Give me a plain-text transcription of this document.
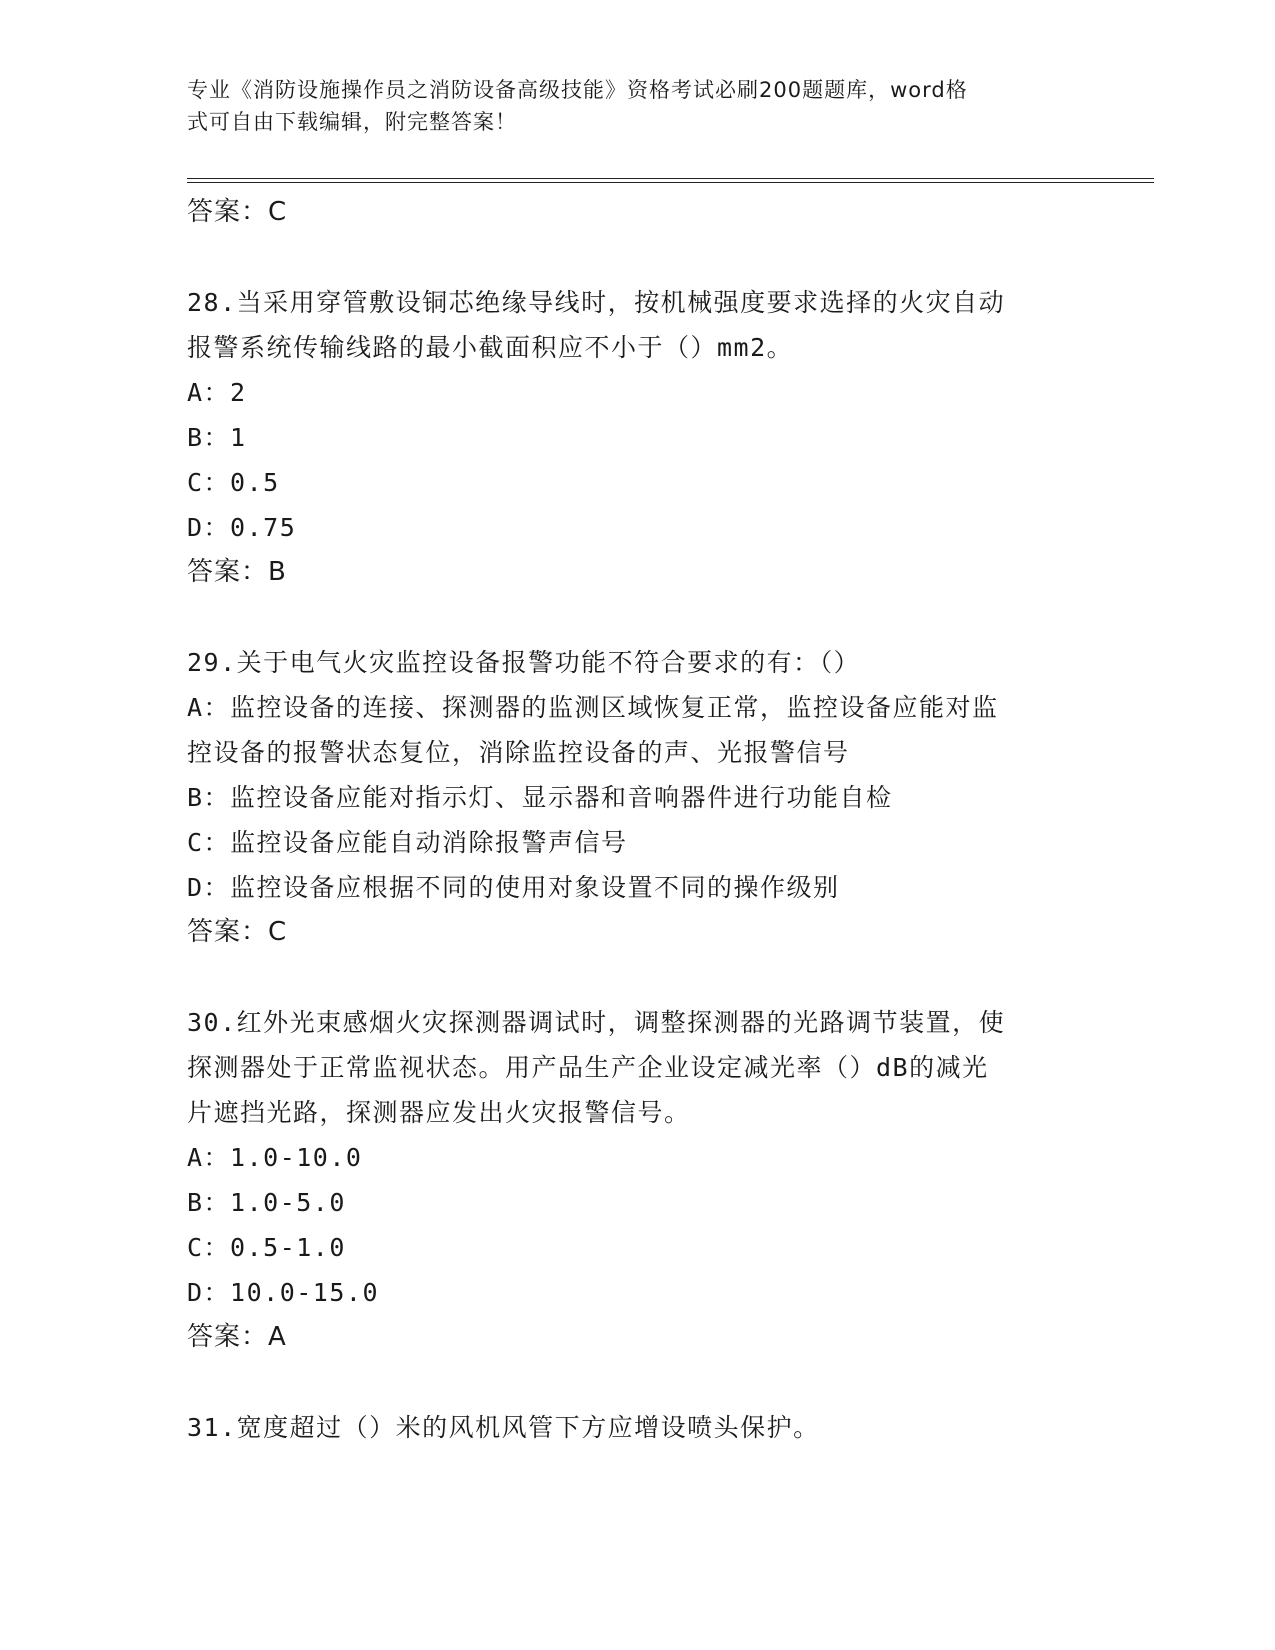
专业《消防设施操作员之消防设备高级技能》资格考试必刷200题题库，word格
式可自由下载编辑，附完整答案！
答案：C
28.当采用穿管敷设铜芯绝缘导线时，按机械强度要求选择的火灾自动
报警系统传输线路的最小截面积应不小于（）mm2。
A：2
B：1
C：0.5
D：0.75
答案：B
29.关于电气火灾监控设备报警功能不符合要求的有：（）
A：监控设备的连接、探测器的监测区域恢复正常，监控设备应能对监
控设备的报警状态复位，消除监控设备的声、光报警信号
B：监控设备应能对指示灯、显示器和音响器件进行功能自检
C：监控设备应能自动消除报警声信号
D：监控设备应根据不同的使用对象设置不同的操作级别
答案：C
30.红外光束感烟火灾探测器调试时，调整探测器的光路调节装置，使
探测器处于正常监视状态。用产品生产企业设定减光率（）dB的减光
片遮挡光路，探测器应发出火灾报警信号。
A：1.0-10.0
B：1.0-5.0
C：0.5-1.0
D：10.0-15.0
答案：A
31.宽度超过（）米的风机风管下方应增设喷头保护。
